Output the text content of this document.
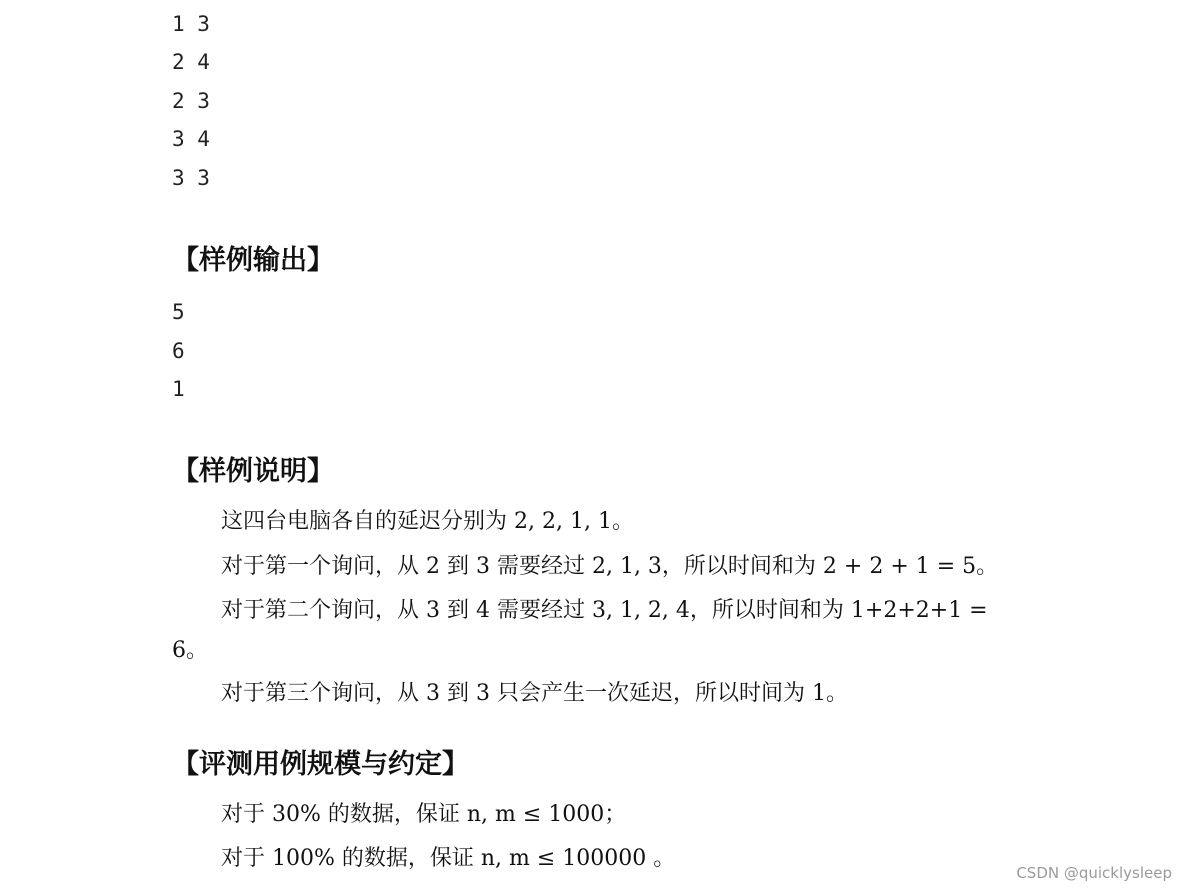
1 3
2 4
2 3
3 4
3 3
【样例输出】
5
6
1
【样例说明】
这四台电脑各自的延迟分别为 2, 2, 1, 1。
对于第一个询问，从 2 到 3 需要经过 2, 1, 3，所以时间和为 2 + 2 + 1 = 5。
对于第二个询问，从 3 到 4 需要经过 3, 1, 2, 4，所以时间和为 1+2+2+1 =
6。
对于第三个询问，从 3 到 3 只会产生一次延迟，所以时间为 1。
【评测用例规模与约定】
对于 30% 的数据，保证 n, m ≤ 1000；
对于 100% 的数据，保证 n, m ≤ 100000 。
CSDN @quicklysleep
